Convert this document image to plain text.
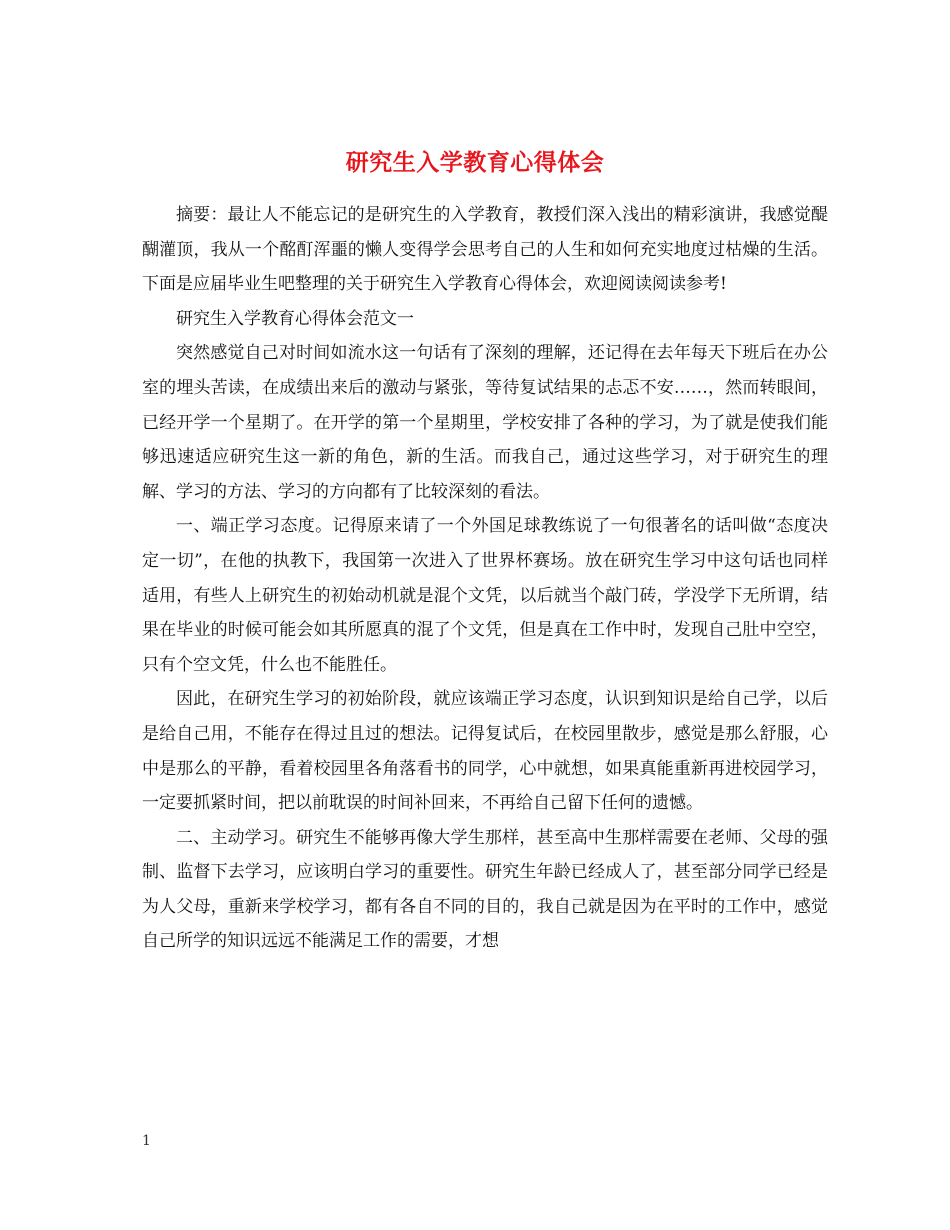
研究生入学教育心得体会

摘要：最让人不能忘记的是研究生的入学教育，教授们深入浅出的精彩演讲，我感觉醍醐灌顶，我从一个酩酊浑噩的懒人变得学会思考自己的人生和如何充实地度过枯燥的生活。下面是应届毕业生吧整理的关于研究生入学教育心得体会，欢迎阅读阅读参考!

研究生入学教育心得体会范文一

突然感觉自己对时间如流水这一句话有了深刻的理解，还记得在去年每天下班后在办公室的埋头苦读，在成绩出来后的激动与紧张，等待复试结果的忐忑不安……，然而转眼间，已经开学一个星期了。在开学的第一个星期里，学校安排了各种的学习，为了就是使我们能够迅速适应研究生这一新的角色，新的生活。而我自己，通过这些学习，对于研究生的理解、学习的方法、学习的方向都有了比较深刻的看法。

一、端正学习态度。记得原来请了一个外国足球教练说了一句很著名的话叫做“态度决定一切”，在他的执教下，我国第一次进入了世界杯赛场。放在研究生学习中这句话也同样适用，有些人上研究生的初始动机就是混个文凭，以后就当个敲门砖，学没学下无所谓，结果在毕业的时候可能会如其所愿真的混了个文凭，但是真在工作中时，发现自己肚中空空，只有个空文凭，什么也不能胜任。

因此，在研究生学习的初始阶段，就应该端正学习态度，认识到知识是给自己学，以后是给自己用，不能存在得过且过的想法。记得复试后，在校园里散步，感觉是那么舒服，心中是那么的平静，看着校园里各角落看书的同学，心中就想，如果真能重新再进校园学习，一定要抓紧时间，把以前耽误的时间补回来，不再给自己留下任何的遗憾。

二、主动学习。研究生不能够再像大学生那样，甚至高中生那样需要在老师、父母的强制、监督下去学习，应该明白学习的重要性。研究生年龄已经成人了，甚至部分同学已经是为人父母，重新来学校学习，都有各自不同的目的，我自己就是因为在平时的工作中，感觉自己所学的知识远远不能满足工作的需要，才想

1
